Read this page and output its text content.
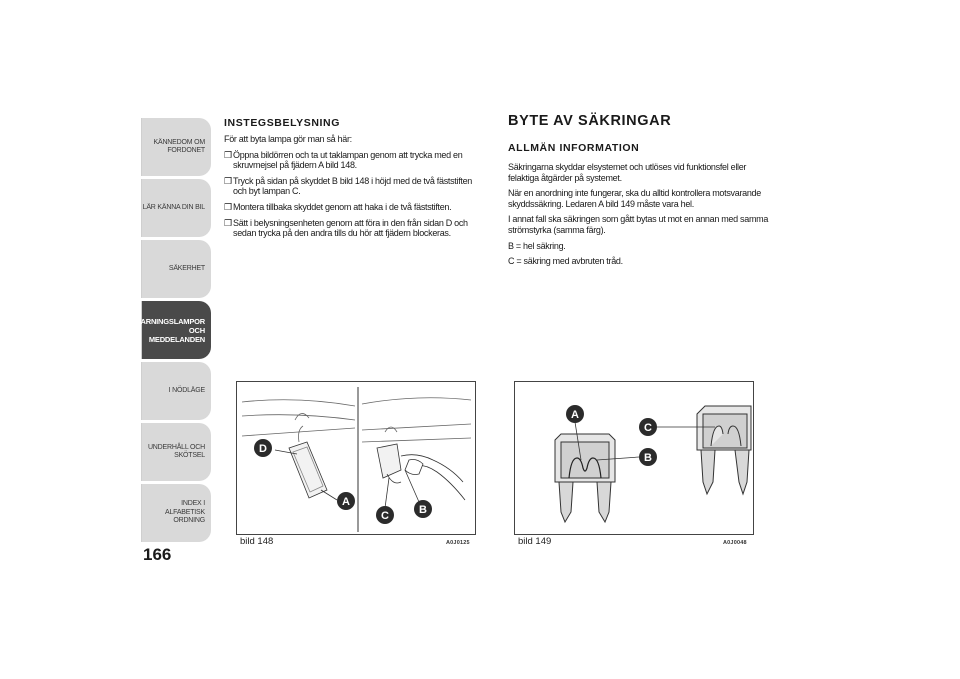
KÄNNEDOM OM
FORDONET
LÄR KÄNNA DIN BIL
SÄKERHET
VARNINGSLAMPOR
OCH
MEDDELANDEN
I NÖDLÄGE
UNDERHÅLL OCH
SKÖTSEL
INDEX I ALFABETISK
ORDNING
166
INSTEGSBELYSNING

För att byta lampa gör man så här:

❒Öppna bildörren och ta ut taklampan genom att trycka med en skruvmejsel på fjädern A bild 148.

❒Tryck på sidan på skyddet B bild 148 i höjd med de två fäststiften och byt lampan C.

❒Montera tillbaka skyddet genom att haka i de två fäststiften.

❒Sätt i belysningsenheten genom att föra in den från sidan D och sedan trycka på den andra tills du hör att fjädern blockeras.

BYTE AV SÄKRINGAR
ALLMÄN INFORMATION

Säkringarna skyddar elsystemet och utlöses vid funktionsfel eller felaktiga åtgärder på systemet.

När en anordning inte fungerar, ska du alltid kontrollera motsvarande skyddssäkring. Ledaren A bild 149 måste vara hel.

I annat fall ska säkringen som gått bytas ut mot en annan med samma strömstyrka (samma färg).

B = hel säkring.

C = säkring med avbruten tråd.

D
A
C	B
bild 148	A0J0125
A
B
C
bild 149	A0J0048
